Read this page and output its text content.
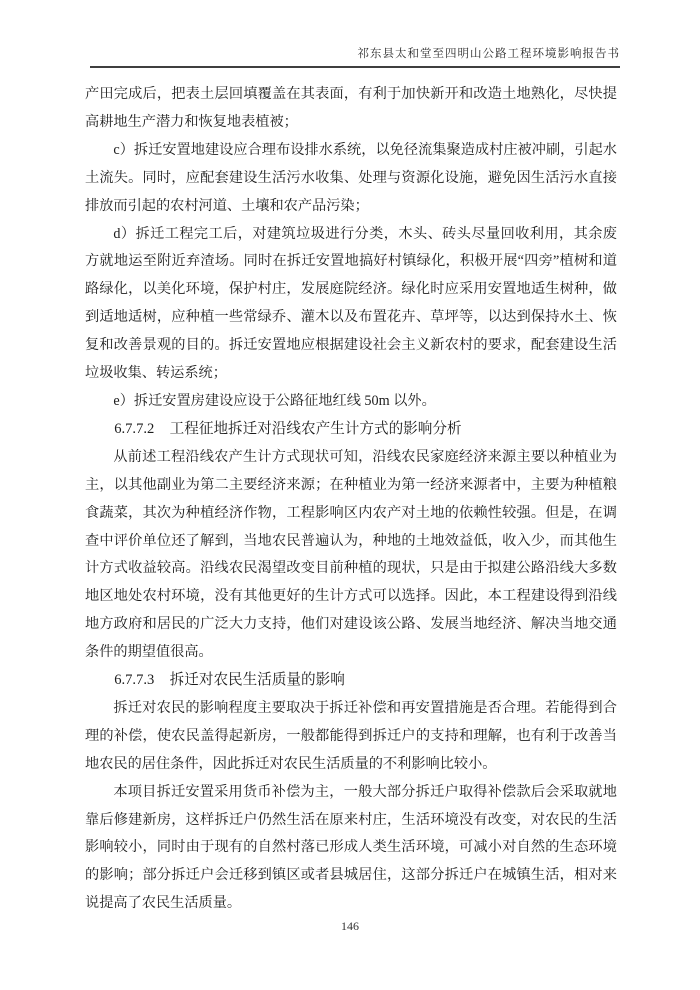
祁东县太和堂至四明山公路工程环境影响报告书

产田完成后，把表土层回填覆盖在其表面，有利于加快新开和改造土地熟化，尽快提高耕地生产潜力和恢复地表植被；

c）拆迁安置地建设应合理布设排水系统，以免径流集聚造成村庄被冲刷，引起水土流失。同时，应配套建设生活污水收集、处理与资源化设施，避免因生活污水直接排放而引起的农村河道、土壤和农产品污染；

d）拆迁工程完工后，对建筑垃圾进行分类，木头、砖头尽量回收利用，其余废方就地运至附近弃渣场。同时在拆迁安置地搞好村镇绿化，积极开展“四旁”植树和道路绿化，以美化环境，保护村庄，发展庭院经济。绿化时应采用安置地适生树种，做到适地适树，应种植一些常绿乔、灌木以及布置花卉、草坪等，以达到保持水土、恢复和改善景观的目的。拆迁安置地应根据建设社会主义新农村的要求，配套建设生活垃圾收集、转运系统；

e）拆迁安置房建设应设于公路征地红线 50m 以外。

6.7.7.2 工程征地拆迁对沿线农产生计方式的影响分析

从前述工程沿线农产生计方式现状可知，沿线农民家庭经济来源主要以种植业为主，以其他副业为第二主要经济来源；在种植业为第一经济来源者中，主要为种植粮食蔬菜，其次为种植经济作物，工程影响区内农产对土地的依赖性较强。但是，在调查中评价单位还了解到，当地农民普遍认为，种地的土地效益低，收入少，而其他生计方式收益较高。沿线农民渴望改变目前种植的现状，只是由于拟建公路沿线大多数地区地处农村环境，没有其他更好的生计方式可以选择。因此，本工程建设得到沿线地方政府和居民的广泛大力支持，他们对建设该公路、发展当地经济、解决当地交通条件的期望值很高。

6.7.7.3 拆迁对农民生活质量的影响

拆迁对农民的影响程度主要取决于拆迁补偿和再安置措施是否合理。若能得到合理的补偿，使农民盖得起新房，一般都能得到拆迁户的支持和理解，也有利于改善当地农民的居住条件，因此拆迁对农民生活质量的不利影响比较小。

本项目拆迁安置采用货币补偿为主，一般大部分拆迁户取得补偿款后会采取就地靠后修建新房，这样拆迁户仍然生活在原来村庄，生活环境没有改变，对农民的生活影响较小，同时由于现有的自然村落已形成人类生活环境，可减小对自然的生态环境的影响；部分拆迁户会迁移到镇区或者县城居住，这部分拆迁户在城镇生活，相对来说提高了农民生活质量。

146
